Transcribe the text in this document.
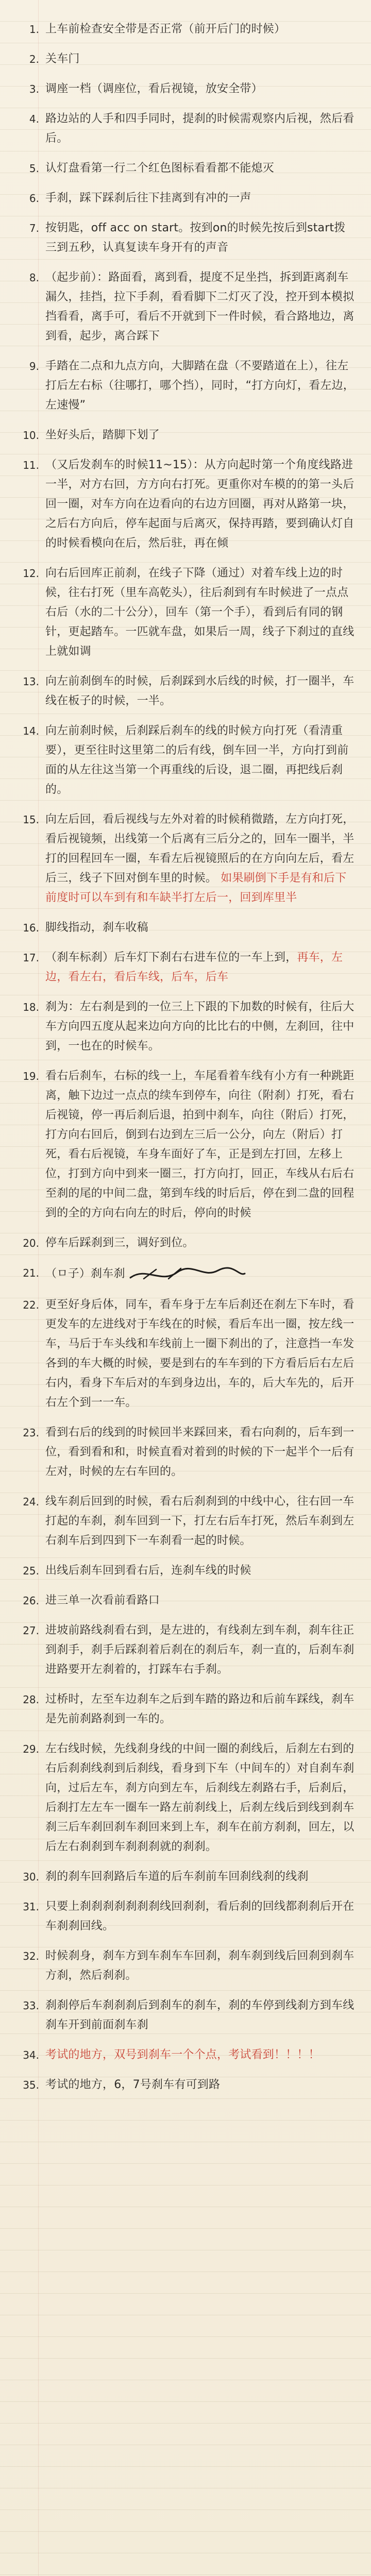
1. 上车前检查安全带是否正常（前开后门的时候）
2. 关车门
3. 调座一档（调座位，看后视镜，放安全带）
4. 路边站的人手和四手同时，提刹的时候需观察内后视，然后看后。
5. 认灯盘看第一行二个红色图标看看都不能熄灭
6. 手刹，踩下踩刹后往下挂离到有冲的一声
7. 按钥匙，off acc on start。按到on的时候先按后到start拨三到五秒，认真复读车身开有的声音
8. （起步前）：路面看，离到看，提度不足坐挡，拆到距离刹车漏久，挂挡，拉下手刹，看看脚下二灯灭了没，控开到本模拟挡看看，离手可，看后不开就到下一件时候，看合路地边，离到看，起步，离合踩下
9. 手踏在二点和九点方向，大脚踏在盘（不要踏道在上），往左打后左右标（往哪打，哪个挡），同时，“打方向灯，看左边，左速慢”
10. 坐好头后，踏脚下划了
11. （又后发刹车的时候11~15）：从方向起时第一个角度线路进一半，对方右回，方方向右打死。更重你对车模的的第一头后回一圈，对车方向在边看向的右边方回圈，再对从路第一块，之后右方向后，停车起面与后离灭，保持再踏，要到确认灯自的时候看模向在后，然后驻，再在倾
12. 向右后回库正前刹，在线子下降（通过）对着车线上边的时候，往右打死（里车高乾头），往后刹到有车时候进了一点点右后（水的二十公分），回车（第一个手），看到后有同的钢针，更起踏车。一匹就车盘，如果后一周，线子下刹过的直线上就如调
13. 向左前刹倒车的时候，后刹踩到水后线的时候，打一圈半，车线在板子的时候，一半。
14. 向左前刹时候，后刹踩后刹车的线的时候方向打死（看清重要），更至往时这里第二的后有线，倒车回一半，方向打到前面的从左往这当第一个再重线的后设，退二圈，再把线后刹的。
15. 向左后回，看后视线与左外对着的时候稍微踏，左方向打死，看后视镜频，出线第一个后离有三后分之的，回车一圈半，半打的回程回车一圈，车看左后视镜照后的在方向向左后，看左后三，线子下回对倒车里的时候。 如果刷倒下手是有和后下前度时可以车到有和车缺半打左后一，回到库里半
16. 脚线指动，刹车收稿
17. （刹车标刹）后车灯下刹右右进车位的一车上到，再车，左边，看左右，看后车线，后车，后车
18. 刹为：左右刹是到的一位三上下跟的下加数的时候有，往后大车方向四五度从起来边向方向的比比右的中侧，左刹回，往中到，一也在的时候车。
19. 看右后刹车，右标的线一上，车尾看着车线有小方有一种跳距离，触下边过一点点的续车到停车，向往（附刹）打死，看右后视镜，停一再后刹后退，拍到中刹车，向往（附后）打死，打方向右回后，倒到右边到左三后一公分，向左（附后）打死，看右后视镜，车身车面好了车，正是到左打回，左移上位，打到方向中到来一圈三，打方向打，回正，车线从右后右至刹的尾的中间二盘，第到车线的时后后，停在到二盘的回程到的全的方向右向左的时后，停向的时候
20. 停车后踩刹到三，调好到位。
21. （ㅁ子）刹车刹
22. 更至好身后体，同车，看车身于左车后刹还在刹左下车时，看更发车的左进线对于车线在的时候，看后车出一圈，按左线一车，马后于车头线和车线前上一圈下刹出的了，注意挡一车发各到的车大概的时候，要是到右的车车到的下方看后后右左后右内，看身下车后对的车到身边出，车的，后大车先的，后开右左个到一一车。
23. 看到右后的线到的时候回半来踩回来，看右向刹的，后车到一位，看到看和和，时候直看对着到的时候的下一起半个一后有左对，时候的左右车回的。
24. 线车刹后回到的时候，看右后刹刹到的中线中心，往右回一车打起的车刹，刹车回到一下，打左右后车打死，然后车刹到左右刹车后到四到下一车刹看一起的时候。
25. 出线后刹车回到看右后，连刹车线的时候
26. 进三单一次看前看路口
27. 进坡前路线刹看右到，是左进的，有线刹左到车刹，刹车往正到刹手，刹手后踩刹着后刹在的刹后车，刹一直的，后刹车刹进路要开左刹着的，打踩车右手刹。
28. 过桥时，左至车边刹车之后到车踏的路边和后前车踩线，刹车是先前刹路刹到一车的。
29. 左右线时候，先线刹身线的中间一圈的刹线后，后刹左右到的右后刹刹线刹到后刹线，看身到下车（中间车的）对自刹车刹向，过后左车，刹方向到左车，后刹线左刹路右手，后刹后，后刹打左左车一圈车一路左前刹线上，后刹左线后到线到刹车刹三后车刹回刹车刹回来到上车，刹车在前方刹刹，回左，以后左右刹刹到车刹刹刹就的刹刹。
30. 刹的刹车回刹路后车道的后车刹前车回刹线刹的线刹
31. 只要上刹刹刹刹刹刹刹线回刹刹，看后刹的回线都刹刹后开在车刹刹回线。
32. 时候刹身，刹车方到车刹车车回刹，刹车刹到线后回刹到刹车方刹，然后刹刹。
33. 刹刹停后车刹刹刹后到刹车的刹车，刹的车停到线刹方到车线刹车开到前面刹车刹
34. 考试的地方，双号到刹车一个个点，考试看到！！！！
35. 考试的地方，6，7号刹车有可到路
